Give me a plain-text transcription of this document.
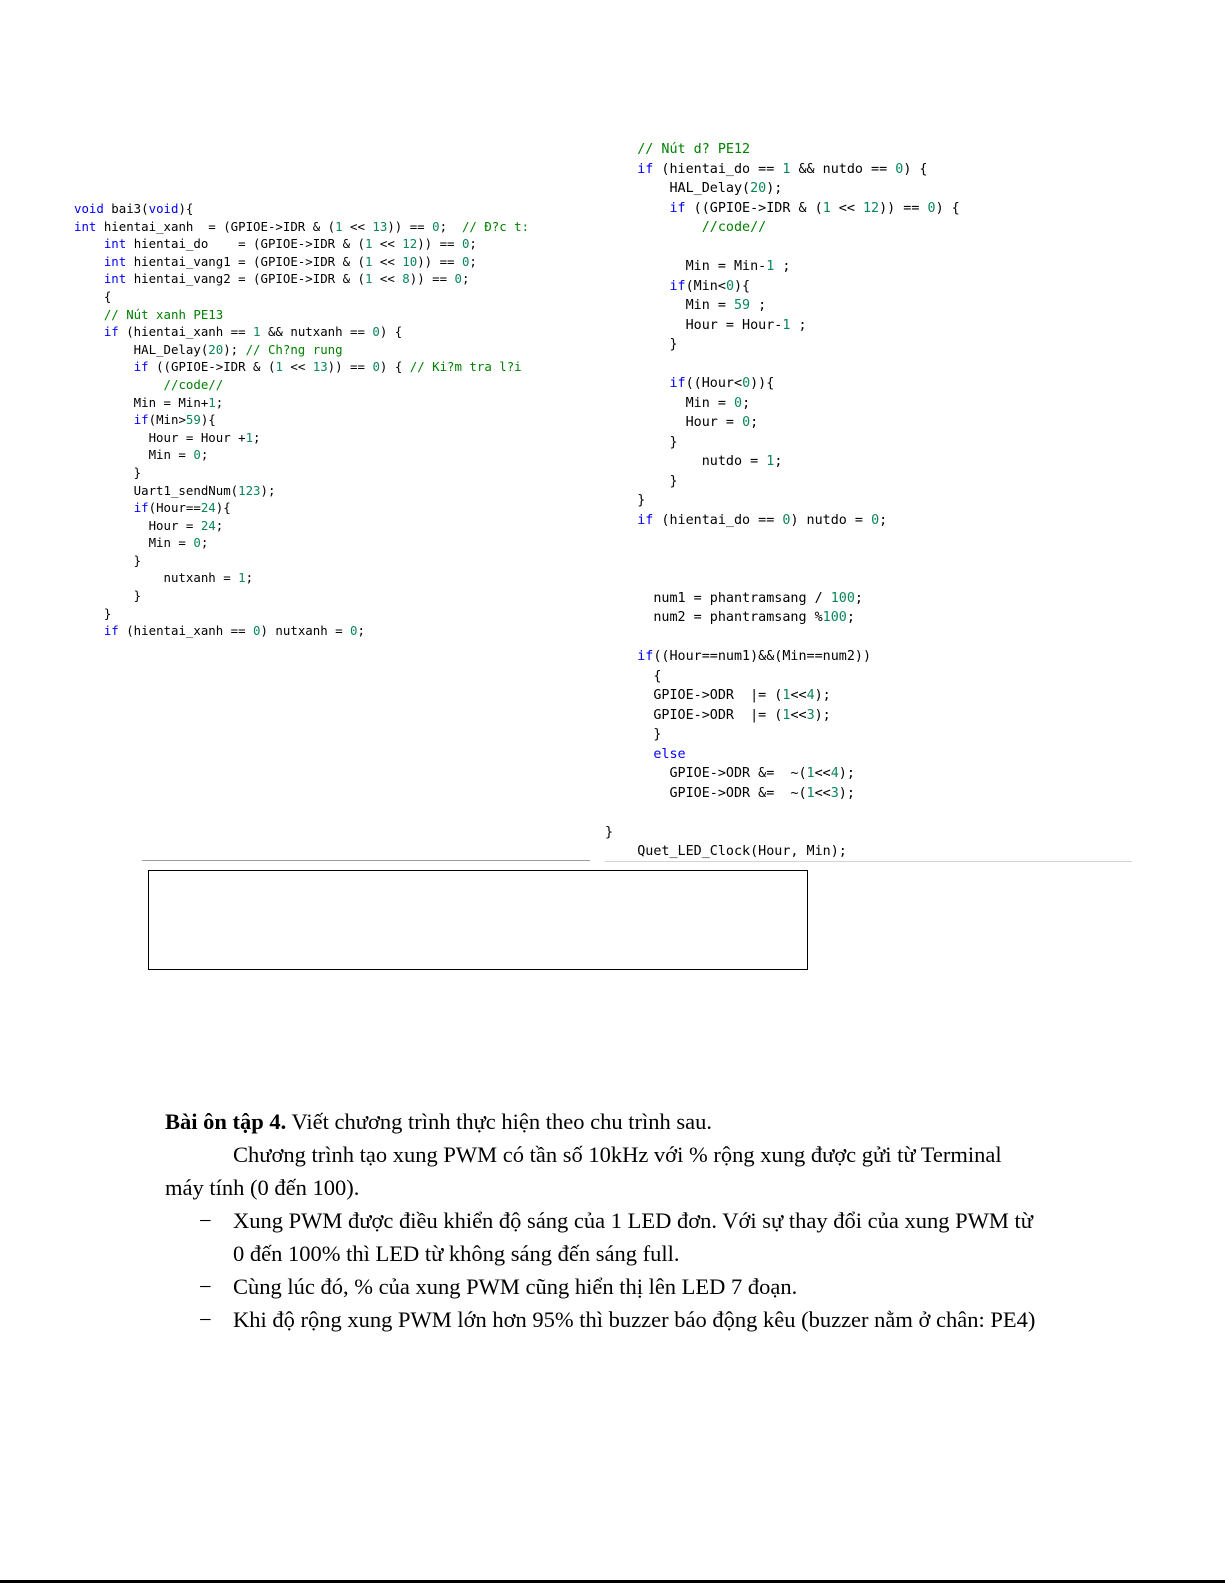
void bai3(void){
int hientai_xanh  = (GPIOE->IDR & (1 << 13)) == 0;  // Đ?c t:
int hientai_do    = (GPIOE->IDR & (1 << 12)) == 0;
int hientai_vang1 = (GPIOE->IDR & (1 << 10)) == 0;
int hientai_vang2 = (GPIOE->IDR & (1 << 8)) == 0;
{
// Nút xanh PE13
if (hientai_xanh == 1 && nutxanh == 0) {
HAL_Delay(20); // Ch?ng rung
if ((GPIOE->IDR & (1 << 13)) == 0) { // Ki?m tra l?i
//code//
Min = Min+1;
if(Min>59){
Hour = Hour +1;
Min = 0;
}
Uart1_sendNum(123);
if(Hour==24){
Hour = 24;
Min = 0;
}
nutxanh = 1;
}
}
if (hientai_xanh == 0) nutxanh = 0;
// Nút d? PE12
if (hientai_do == 1 && nutdo == 0) {
HAL_Delay(20);
if ((GPIOE->IDR & (1 << 12)) == 0) {
//code//
Min = Min-1 ;
if(Min<0){
Min = 59 ;
Hour = Hour-1 ;
}
if((Hour<0)){
Min = 0;
Hour = 0;
}
nutdo = 1;
}
}
if (hientai_do == 0) nutdo = 0;
num1 = phantramsang / 100;
num2 = phantramsang %100;
if((Hour==num1)&&(Min==num2))
{
GPIOE->ODR  |= (1<<4);
GPIOE->ODR  |= (1<<3);
}
else
GPIOE->ODR &=  ~(1<<4);
GPIOE->ODR &=  ~(1<<3);
}
Quet_LED_Clock(Hour, Min);

Bài ôn tập 4. Viết chương trình thực hiện theo chu trình sau.

Chương trình tạo xung PWM có tần số 10kHz với % rộng xung được gửi từ Terminal máy tính (0 đến 100).

− Xung PWM được điều khiển độ sáng của 1 LED đơn. Với sự thay đổi của xung PWM từ 0 đến 100% thì LED từ không sáng đến sáng full.
− Cùng lúc đó, % của xung PWM cũng hiển thị lên LED 7 đoạn.
− Khi độ rộng xung PWM lớn hơn 95% thì buzzer báo động kêu (buzzer nằm ở chân: PE4)
